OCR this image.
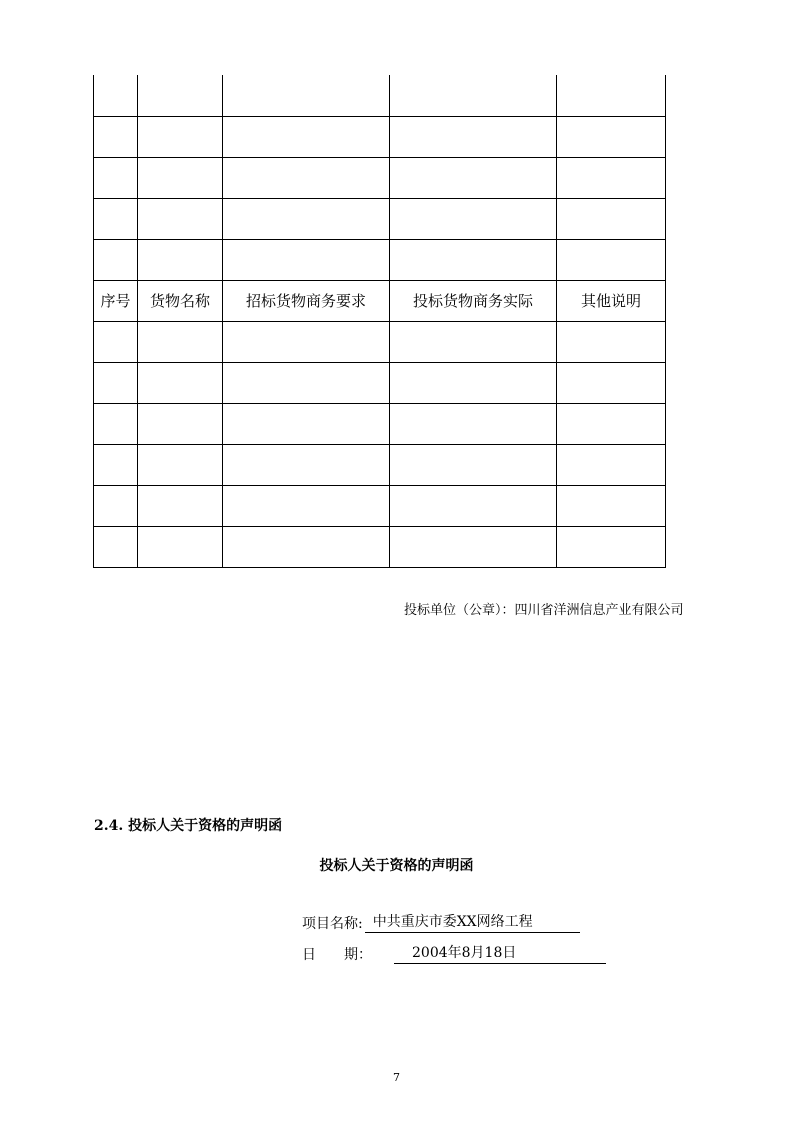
序号	货物名称	招标货物商务要求	投标货物商务实际	其他说明

投标单位（公章）：四川省洋洲信息产业有限公司
2.4. 投标人关于资格的声明函
投标人关于资格的声明函
项目名称: 中共重庆市委XX网络工程
日 期：	2004年8月18日
7
